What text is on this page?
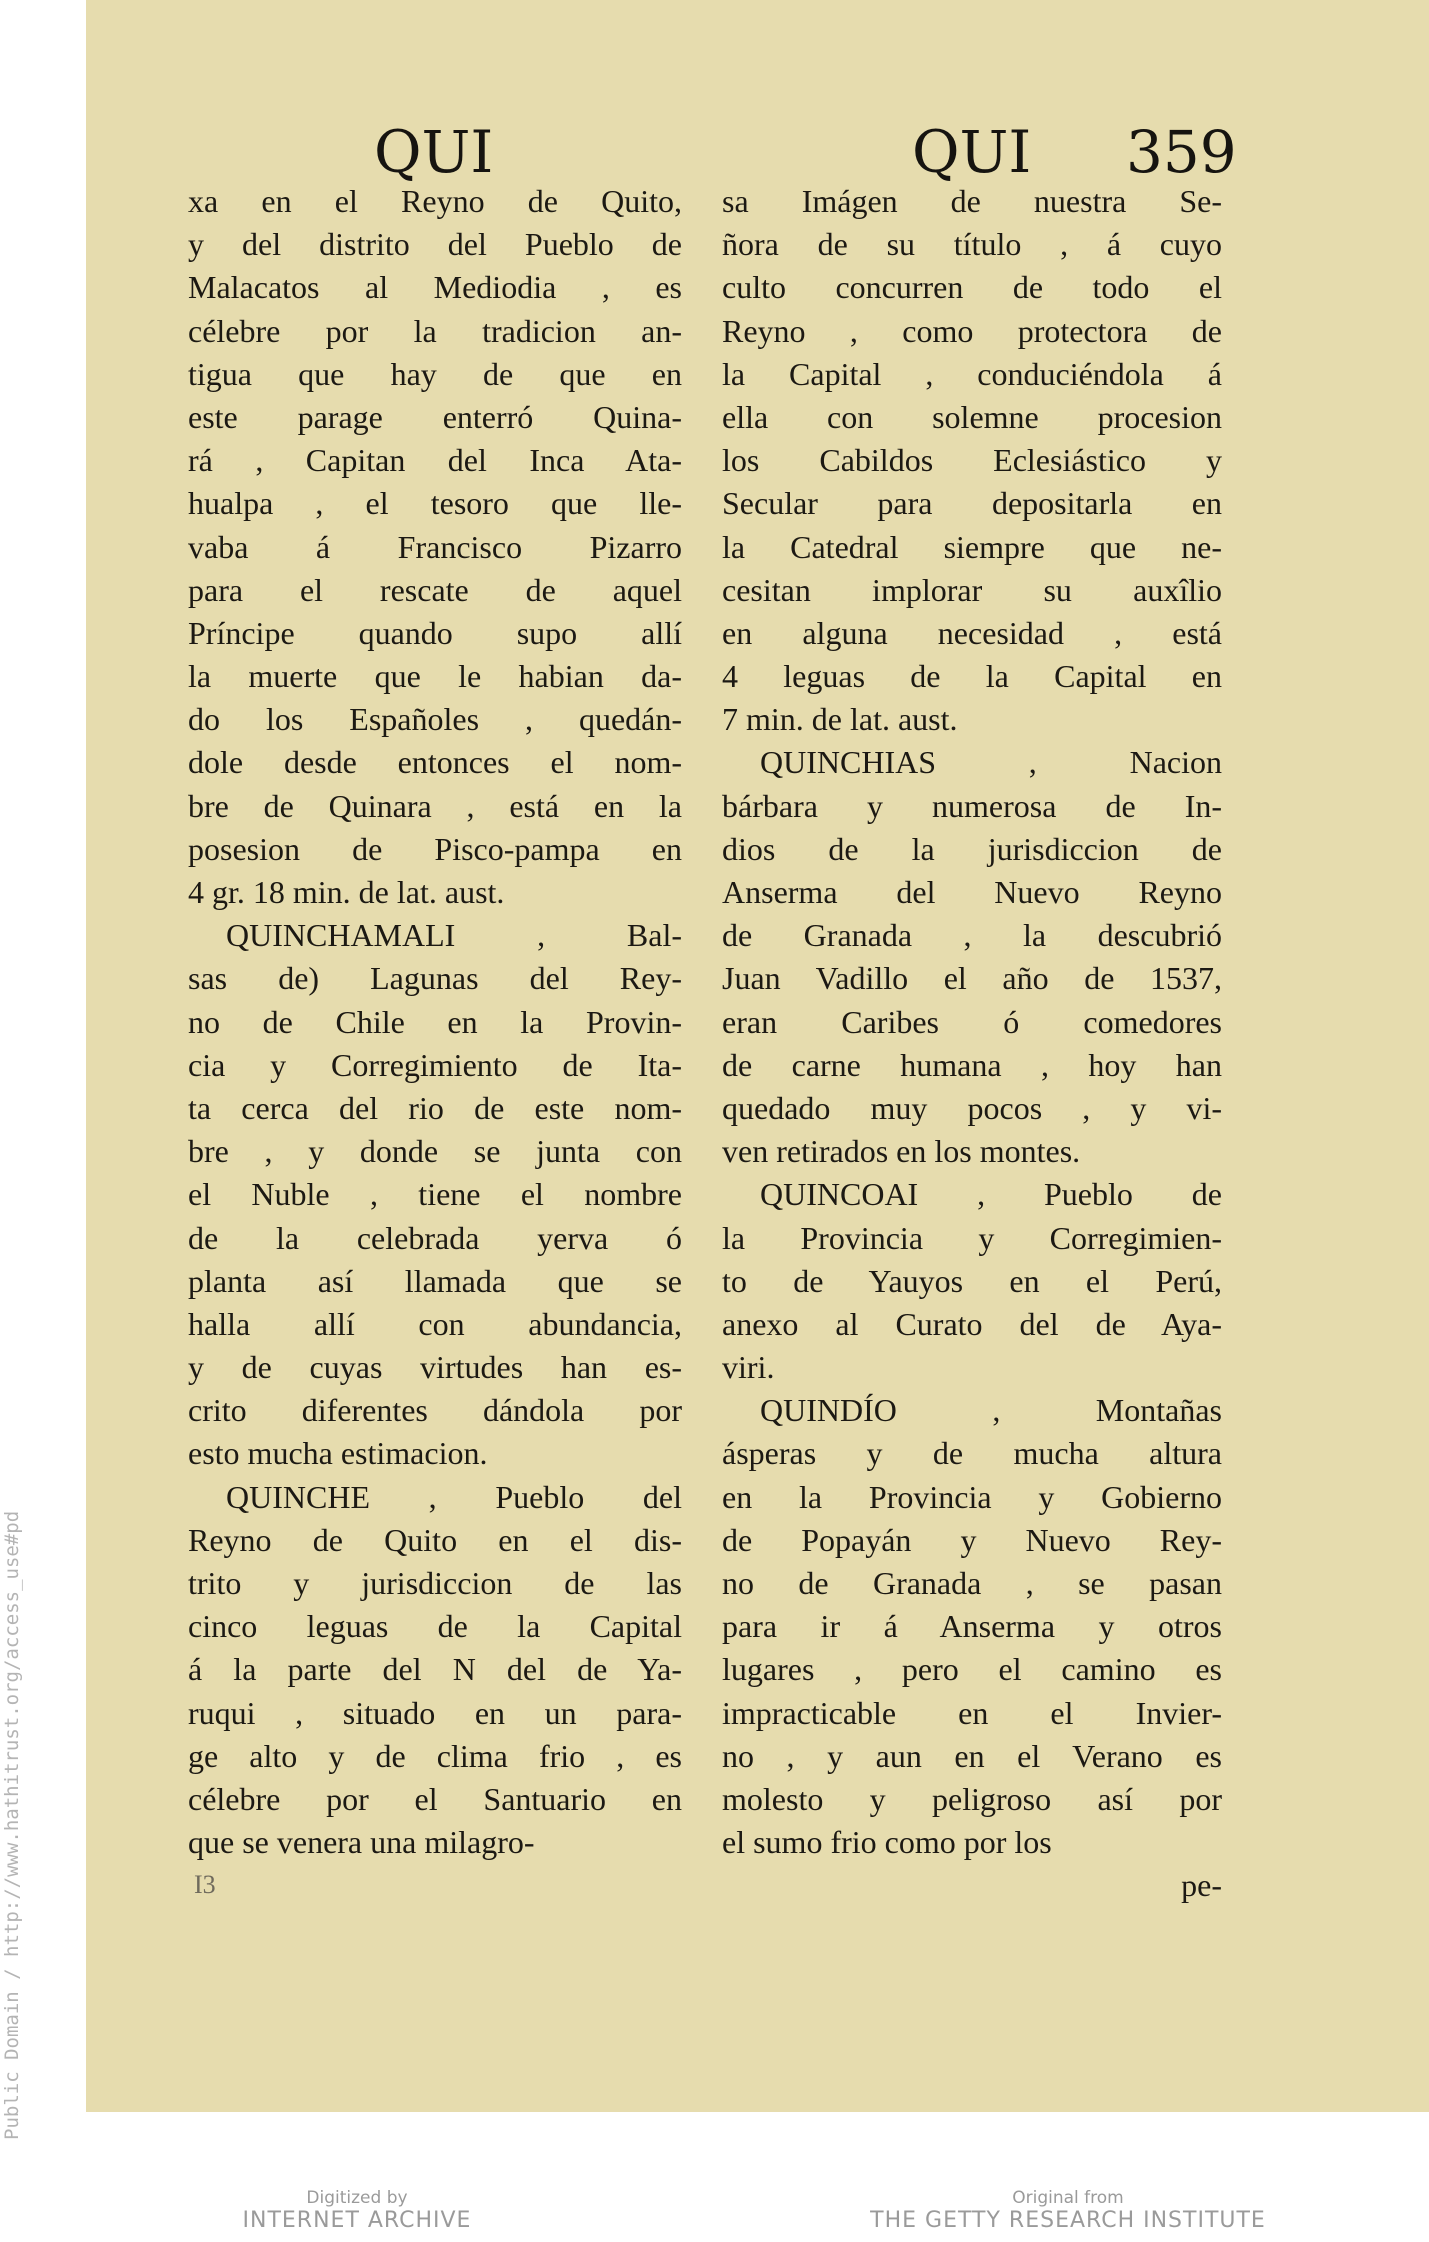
QUI	QUI 359
xa en el Reyno de Quito,
y del distrito del Pueblo de
Malacatos al Mediodia , es
célebre por la tradicion an-
tigua que hay de que en
este parage enterró Quina-
rá , Capitan del Inca Ata-
hualpa , el tesoro que lle-
vaba á Francisco Pizarro
para el rescate de aquel
Príncipe quando supo allí
la muerte que le habian da-
do los Españoles , quedán-
dole desde entonces el nom-
bre de Quinara , está en la
posesion de Pisco-pampa en
4 gr. 18 min. de lat. aust.
QUINCHAMALI , Bal-
sas de) Lagunas del Rey-
no de Chile en la Provin-
cia y Corregimiento de Ita-
ta cerca del rio de este nom-
bre , y donde se junta con
el Nuble , tiene el nombre
de la celebrada yerva ó
planta así llamada que se
halla allí con abundancia,
y de cuyas virtudes han es-
crito diferentes dándola por
esto mucha estimacion.
QUINCHE , Pueblo del
Reyno de Quito en el dis-
trito y jurisdiccion de las
cinco leguas de la Capital
á la parte del N del de Ya-
ruqui , situado en un para-
ge alto y de clima frio , es
célebre por el Santuario en
que se venera una milagro-
sa Imágen de nuestra Se-
ñora de su título , á cuyo
culto concurren de todo el
Reyno , como protectora de
la Capital , conduciéndola á
ella con solemne procesion
los Cabildos Eclesiástico y
Secular para depositarla en
la Catedral siempre que ne-
cesitan implorar su auxîlio
en alguna necesidad , está
4 leguas de la Capital en
7 min. de lat. aust.
QUINCHIAS , Nacion
bárbara y numerosa de In-
dios de la jurisdiccion de
Anserma del Nuevo Reyno
de Granada , la descubrió
Juan Vadillo el año de 1537,
eran Caribes ó comedores
de carne humana , hoy han
quedado muy pocos , y vi-
ven retirados en los montes.
QUINCOAI , Pueblo de
la Provincia y Corregimien-
to de Yauyos en el Perú,
anexo al Curato del de Aya-
viri.
QUINDÍO , Montañas
ásperas y de mucha altura
en la Provincia y Gobierno
de Popayán y Nuevo Rey-
no de Granada , se pasan
para ir á Anserma y otros
lugares , pero el camino es
impracticable en el Invier-
no , y aun en el Verano es
molesto y peligroso así por
el sumo frio como por los
pe-
I3
Public Domain / http://www.hathitrust.org/access_use#pd
Digitized by
INTERNET ARCHIVE
Original from
THE GETTY RESEARCH INSTITUTE
